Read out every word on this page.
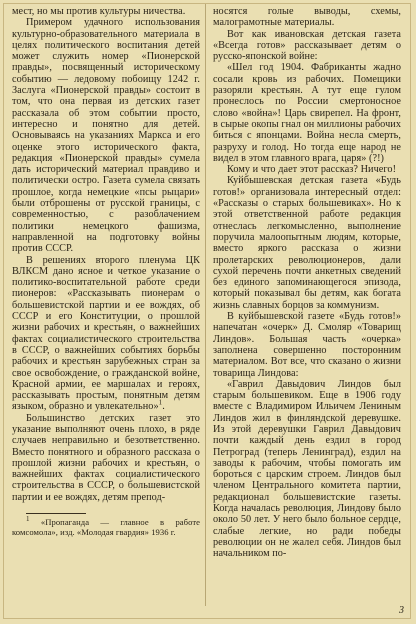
мест, но мы против культуры ничества.

Примером удачного использования культурно-образовательного материала в целях политического воспитания детей может служить номер «Пионерской правды», посвященный историческому событию — ледовому побоищу 1242 г. Заслуга «Пионерской правды» состоит в том, что она первая из детских газет рассказала об этом событии просто, интересно и понятно для детей. Основываясь на указаниях Маркса и его оценке этого исторического факта, редакция «Пионерской правды» сумела дать исторический материал правдиво и политически остро. Газета сумела связать прошлое, когда немецкие «псы рыцари» были отброшены от русской границы, с современностью, с разоблачением политики немецкого фашизма, направленной на подготовку войны против СССР.

В решениях второго пленума ЦК ВЛКСМ дано ясное и четкое указание о политико-воспитательной работе среди пионеров: «Рассказывать пионерам о большевистской партии и ее вождях, об СССР и его Конституции, о прошлой жизни рабочих и крестьян, о важнейших фактах социалистического строительства в СССР, о важнейших событиях борьбы рабочих и крестьян зарубежных стран за свое освобождение, о гражданской войне, Красной армии, ее маршалах и героях, рассказывать простым, понятным детям языком, образно и увлекательно»$^1$.

Большинство детских газет это указание выполняют очень плохо, в ряде случаев неправильно и безответственно. Вместо понятного и образного рассказа о прошлой жизни рабочих и крестьян, о важнейших фактах социалистического строительства в СССР, о большевистской партии и ее вождях, детям препод-

$^1$ «Пропаганда — главное в работе комсомола», изд. «Молодая гвардия» 1936 г.

носятся голые выводы, схемы, малограмотные материалы.

Вот как ивановская детская газета «Всегда готов» рассказывает детям о русско-японской войне:

«Шел год 1904. Фабриканты жадно сосали кровь из рабочих. Помещики разоряли крестьян. А тут еще гулом пронеслось по России смертоносное слово «война»! Царь свирепел. На фронт, в сырые окопы гнал он миллионы рабочих биться с японцами. Война несла смерть, разруху и голод. Но тогда еще народ не видел в этом главного врага, царя» (?!)

Кому и что дает этот рассказ? Ничего!

Куйбышевская детская газета «Будь готов!» организовала интересный отдел: «Рассказы о старых большевиках». Но к этой ответственной работе редакция отнеслась легкомысленно, выполнение поручила малоопытным людям, которые, вместо яркого рассказа о жизни пролетарских революционеров, дали сухой перечень почти анкетных сведений без единого запоминающегося эпизода, который показывал бы детям, как богата жизнь славных борцов за коммунизм.

В куйбышевской газете «Будь готов!» напечатан «очерк» Д. Смоляр «Товарищ Линдов». Большая часть «очерка» заполнена совершенно посторонним материалом. Вот все, что сказано о жизни товарища Линдова:

«Гаврил Давыдович Линдов был старым большевиком. Еще в 1906 году вместе с Владимиром Ильичем Лениным Линдов жил в финляндской деревушке. Из этой деревушки Гаврил Давыдович почти каждый день ездил в город Петроград (теперь Ленинград), ездил на заводы к рабочим, чтобы помогать им бороться с царским строем. Линдов был членом Центрального комитета партии, редакционал большевистские газеты. Когда началась революция, Линдову было около 50 лет. У него было больное сердце, слабые легкие, но ради победы революции он не жалел себя. Линдов был начальником по-

3
